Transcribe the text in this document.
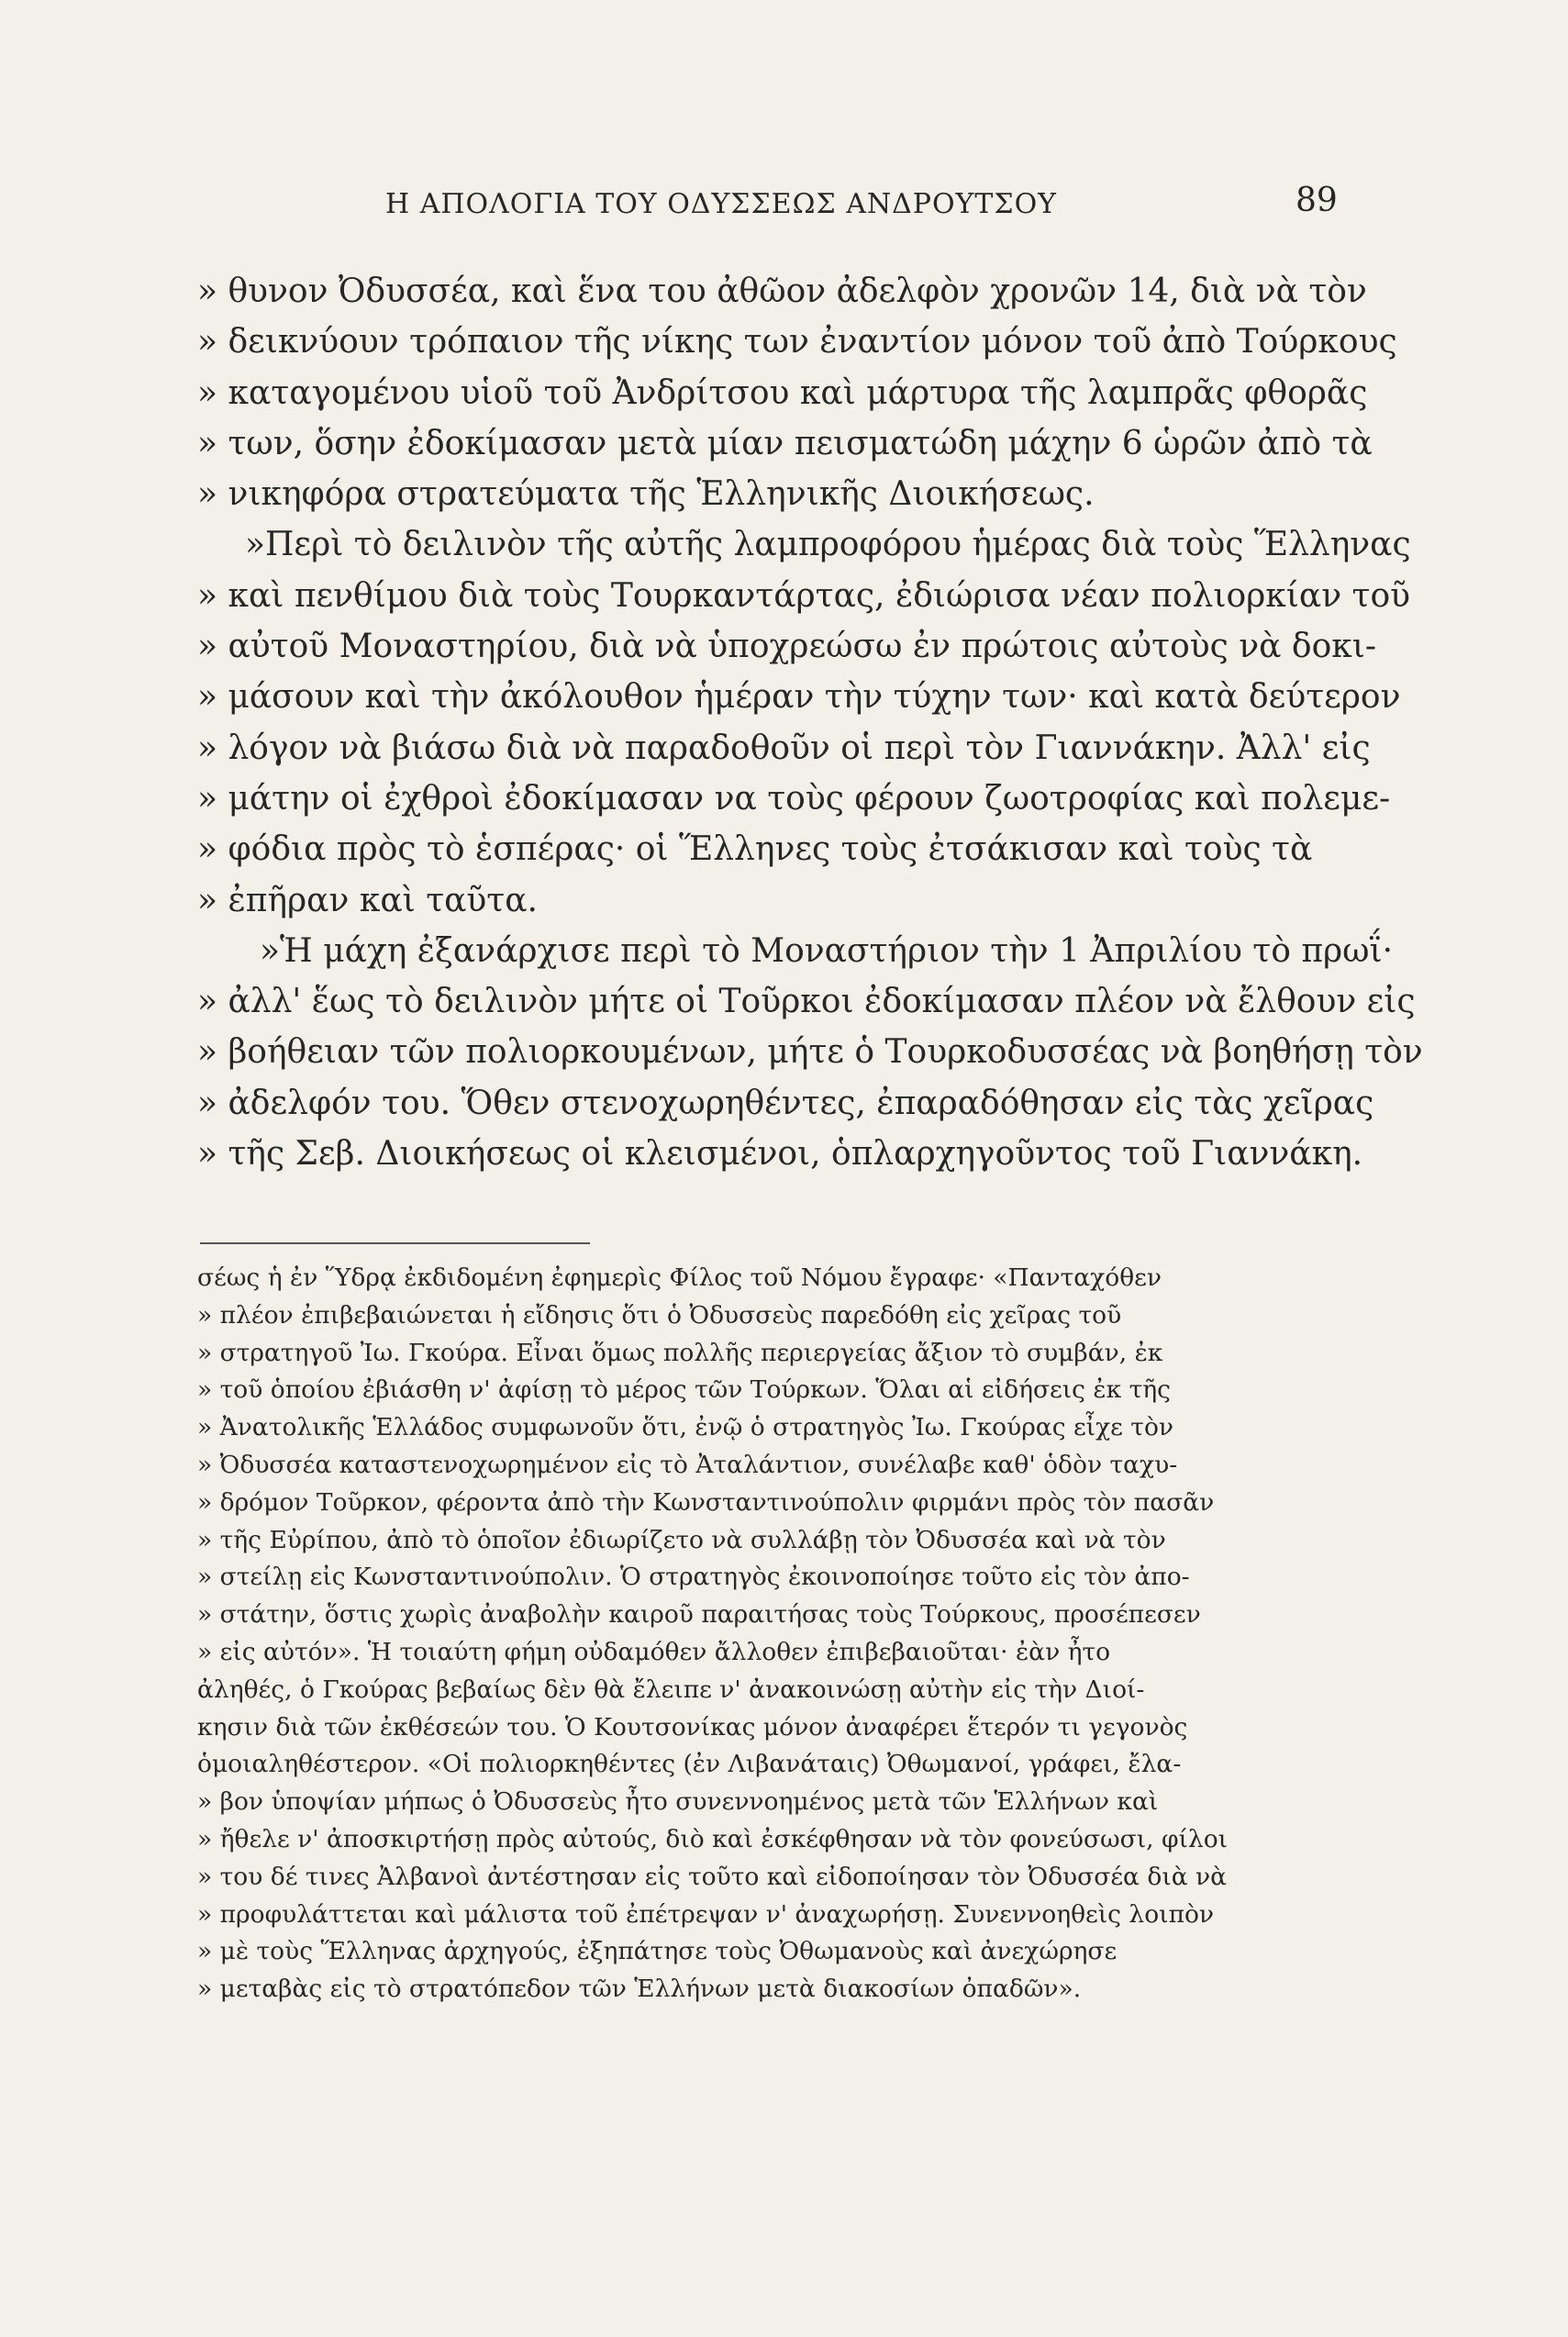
Η ΑΠΟΛΟΓΙΑ ΤΟΥ ΟΔΥΣΣΕΩΣ ΑΝΔΡΟΥΤΣΟΥ	89
» θυνον Ὀδυσσέα, καὶ ἕνα του ἀθῶον ἀδελφὸν χρονῶν 14, διὰ νὰ τὸν
» δεικνύουν τρόπαιον τῆς νίκης των ἐναντίον μόνον τοῦ ἀπὸ Τούρκους
» καταγομένου υἱοῦ τοῦ Ἀνδρίτσου καὶ μάρτυρα τῆς λαμπρᾶς φθορᾶς
» των, ὅσην ἐδοκίμασαν μετὰ μίαν πεισματώδη μάχην 6 ὡρῶν ἀπὸ τὰ
» νικηφόρα στρατεύματα τῆς Ἑλληνικῆς Διοικήσεως.
»Περὶ τὸ δειλινὸν τῆς αὐτῆς λαμπροφόρου ἡμέρας διὰ τοὺς Ἕλληνας
» καὶ πενθίμου διὰ τοὺς Τουρκαντάρτας, ἐδιώρισα νέαν πολιορκίαν τοῦ
» αὐτοῦ Μοναστηρίου, διὰ νὰ ὑποχρεώσω ἐν πρώτοις αὐτοὺς νὰ δοκι-
» μάσουν καὶ τὴν ἀκόλουθον ἡμέραν τὴν τύχην των· καὶ κατὰ δεύτερον
» λόγον νὰ βιάσω διὰ νὰ παραδοθοῦν οἱ περὶ τὸν Γιαννάκην. Ἀλλ' εἰς
» μάτην οἱ ἐχθροὶ ἐδοκίμασαν να τοὺς φέρουν ζωοτροφίας καὶ πολεμε-
» φόδια πρὸς τὸ ἑσπέρας· οἱ Ἕλληνες τοὺς ἐτσάκισαν καὶ τοὺς τὰ
» ἐπῆραν καὶ ταῦτα.
»Ἡ μάχη ἐξανάρχισε περὶ τὸ Μοναστήριον τὴν 1 Ἀπριλίου τὸ πρωΐ·
» ἀλλ' ἕως τὸ δειλινὸν μήτε οἱ Τοῦρκοι ἐδοκίμασαν πλέον νὰ ἔλθουν εἰς
» βοήθειαν τῶν πολιορκουμένων, μήτε ὁ Τουρκοδυσσέας νὰ βοηθήσῃ τὸν
» ἀδελφόν του. Ὅθεν στενοχωρηθέντες, ἐπαραδόθησαν εἰς τὰς χεῖρας
» τῆς Σεβ. Διοικήσεως οἱ κλεισμένοι, ὁπλαρχηγοῦντος τοῦ Γιαννάκη.
σέως ἡ ἐν Ὕδρᾳ ἐκδιδομένη ἐφημερὶς Φίλος τοῦ Νόμου ἔγραφε· «Πανταχόθεν
» πλέον ἐπιβεβαιώνεται ἡ εἴδησις ὅτι ὁ Ὀδυσσεὺς παρεδόθη εἰς χεῖρας τοῦ
» στρατηγοῦ Ἰω. Γκούρα. Εἶναι ὅμως πολλῆς περιεργείας ἄξιον τὸ συμβάν, ἐκ
» τοῦ ὁποίου ἐβιάσθη ν' ἀφίσῃ τὸ μέρος τῶν Τούρκων. Ὅλαι αἱ εἰδήσεις ἐκ τῆς
» Ἀνατολικῆς Ἑλλάδος συμφωνοῦν ὅτι, ἐνῷ ὁ στρατηγὸς Ἰω. Γκούρας εἶχε τὸν
» Ὀδυσσέα καταστενοχωρημένον εἰς τὸ Ἀταλάντιον, συνέλαβε καθ' ὁδὸν ταχυ-
» δρόμον Τοῦρκον, φέροντα ἀπὸ τὴν Κωνσταντινούπολιν φιρμάνι πρὸς τὸν πασᾶν
» τῆς Εὐρίπου, ἀπὸ τὸ ὁποῖον ἐδιωρίζετο νὰ συλλάβῃ τὸν Ὀδυσσέα καὶ νὰ τὸν
» στείλῃ εἰς Κωνσταντινούπολιν. Ὁ στρατηγὸς ἐκοινοποίησε τοῦτο εἰς τὸν ἀπο-
» στάτην, ὅστις χωρὶς ἀναβολὴν καιροῦ παραιτήσας τοὺς Τούρκους, προσέπεσεν
» εἰς αὐτόν». Ἡ τοιαύτη φήμη οὐδαμόθεν ἄλλοθεν ἐπιβεβαιοῦται· ἐὰν ἦτο
ἀληθές, ὁ Γκούρας βεβαίως δὲν θὰ ἔλειπε ν' ἀνακοινώσῃ αὐτὴν εἰς τὴν Διοί-
κησιν διὰ τῶν ἐκθέσεών του. Ὁ Κουτσονίκας μόνον ἀναφέρει ἕτερόν τι γεγονὸς
ὁμοιαληθέστερον. «Οἱ πολιορκηθέντες (ἐν Λιβανάταις) Ὀθωμανοί, γράφει, ἔλα-
» βον ὑποψίαν μήπως ὁ Ὀδυσσεὺς ἦτο συνεννοημένος μετὰ τῶν Ἑλλήνων καὶ
» ἤθελε ν' ἀποσκιρτήσῃ πρὸς αὐτούς, διὸ καὶ ἐσκέφθησαν νὰ τὸν φονεύσωσι, φίλοι
» του δέ τινες Ἀλβανοὶ ἀντέστησαν εἰς τοῦτο καὶ εἰδοποίησαν τὸν Ὀδυσσέα διὰ νὰ
» προφυλάττεται καὶ μάλιστα τοῦ ἐπέτρεψαν ν' ἀναχωρήσῃ. Συνεννοηθεὶς λοιπὸν
» μὲ τοὺς Ἕλληνας ἀρχηγούς, ἐξηπάτησε τοὺς Ὀθωμανοὺς καὶ ἀνεχώρησε
» μεταβὰς εἰς τὸ στρατόπεδον τῶν Ἑλλήνων μετὰ διακοσίων ὀπαδῶν».
